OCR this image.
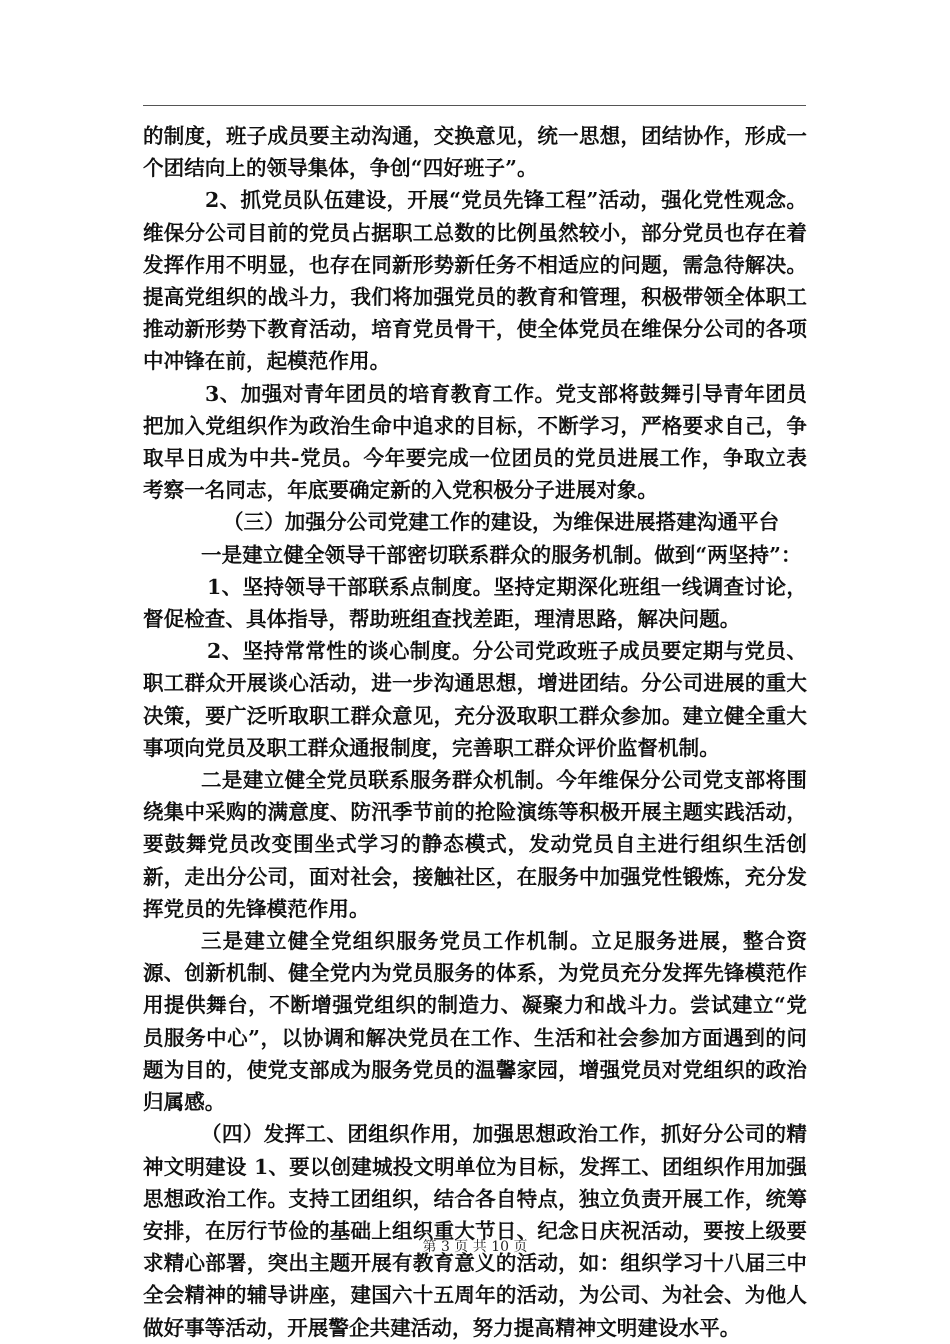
的制度，班子成员要主动沟通，交换意见，统一思想，团结协作，形成一个团结向上的领导集体，争创“四好班子”。

2、抓党员队伍建设，开展“党员先锋工程”活动，强化党性观念。维保分公司目前的党员占据职工总数的比例虽然较小，部分党员也存在着发挥作用不明显，也存在同新形势新任务不相适应的问题，需急待解决。提高党组织的战斗力，我们将加强党员的教育和管理，积极带领全体职工推动新形势下教育活动，培育党员骨干，使全体党员在维保分公司的各项中冲锋在前，起模范作用。

3、加强对青年团员的培育教育工作。党支部将鼓舞引导青年团员把加入党组织作为政治生命中追求的目标，不断学习，严格要求自己，争取早日成为中共-党员。今年要完成一位团员的党员进展工作，争取立表考察一名同志，年底要确定新的入党积极分子进展对象。

（三）加强分公司党建工作的建设，为维保进展搭建沟通平台

一是建立健全领导干部密切联系群众的服务机制。做到“两坚持”：

1、坚持领导干部联系点制度。坚持定期深化班组一线调查讨论，督促检查、具体指导，帮助班组查找差距，理清思路，解决问题。

2、坚持常常性的谈心制度。分公司党政班子成员要定期与党员、职工群众开展谈心活动，进一步沟通思想，增进团结。分公司进展的重大决策，要广泛听取职工群众意见，充分汲取职工群众参加。建立健全重大事项向党员及职工群众通报制度，完善职工群众评价监督机制。

二是建立健全党员联系服务群众机制。今年维保分公司党支部将围绕集中采购的满意度、防汛季节前的抢险演练等积极开展主题实践活动，要鼓舞党员改变围坐式学习的静态模式，发动党员自主进行组织生活创新，走出分公司，面对社会，接触社区，在服务中加强党性锻炼，充分发挥党员的先锋模范作用。

三是建立健全党组织服务党员工作机制。立足服务进展，整合资源、创新机制、健全党内为党员服务的体系，为党员充分发挥先锋模范作用提供舞台，不断增强党组织的制造力、凝聚力和战斗力。尝试建立“党员服务中心”，以协调和解决党员在工作、生活和社会参加方面遇到的问题为目的，使党支部成为服务党员的温馨家园，增强党员对党组织的政治归属感。

（四）发挥工、团组织作用，加强思想政治工作，抓好分公司的精神文明建设 1、要以创建城投文明单位为目标，发挥工、团组织作用加强思想政治工作。支持工团组织，结合各自特点，独立负责开展工作，统筹安排，在厉行节俭的基础上组织重大节日、纪念日庆祝活动，要按上级要求精心部署，突出主题开展有教育意义的活动，如：组织学习十八届三中全会精神的辅导讲座，建国六十五周年的活动，为公司、为社会、为他人做好事等活动，开展警企共建活动，努力提高精神文明建设水平。

第 3 页 共 10 页
